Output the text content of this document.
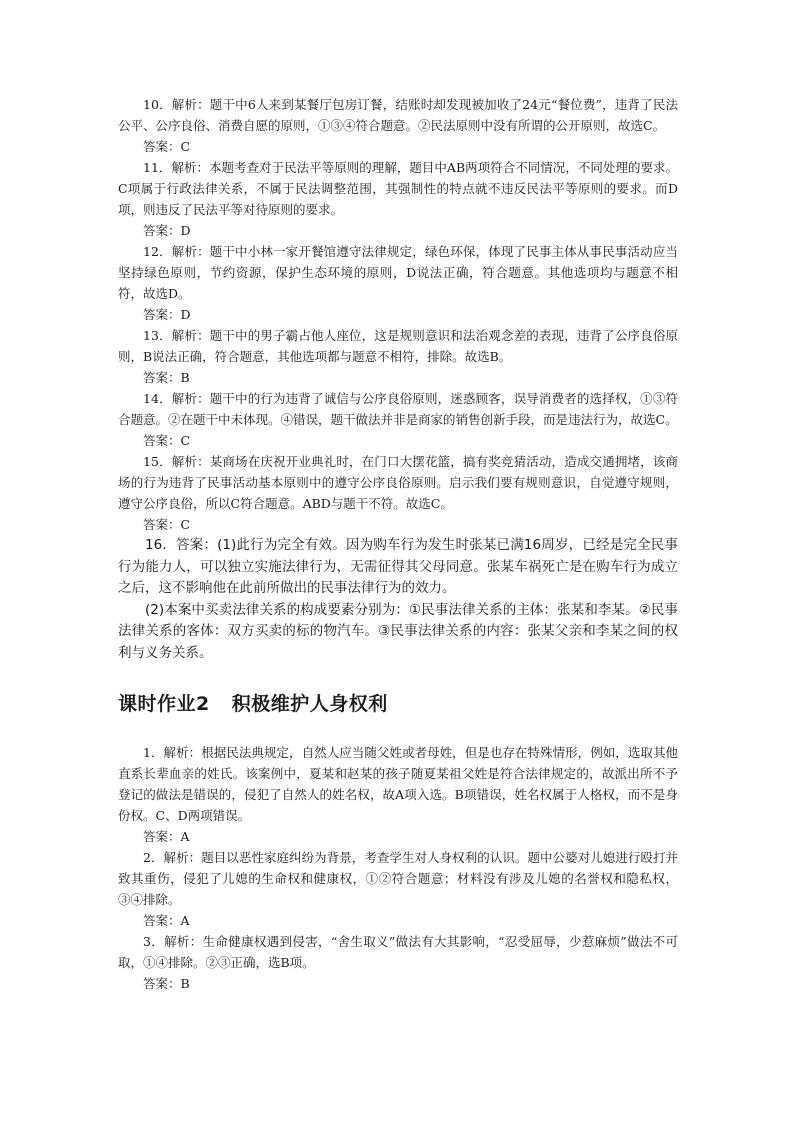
10．解析：题干中6人来到某餐厅包房订餐，结账时却发现被加收了24元“餐位费”，违背了民法公平、公序良俗、消费自愿的原则，①③④符合题意。②民法原则中没有所谓的公开原则，故选C。

答案：C

11．解析：本题考查对于民法平等原则的理解，题目中AB两项符合不同情况，不同处理的要求。C项属于行政法律关系，不属于民法调整范围，其强制性的特点就不违反民法平等原则的要求。而D项，则违反了民法平等对待原则的要求。

答案：D

12．解析：题干中小林一家开餐馆遵守法律规定，绿色环保，体现了民事主体从事民事活动应当坚持绿色原则，节约资源，保护生态环境的原则，D说法正确，符合题意。其他选项均与题意不相符，故选D。

答案：D

13．解析：题干中的男子霸占他人座位，这是规则意识和法治观念差的表现，违背了公序良俗原则，B说法正确，符合题意，其他选项都与题意不相符，排除。故选B。

答案：B

14．解析：题干中的行为违背了诚信与公序良俗原则，迷惑顾客，误导消费者的选择权，①③符合题意。②在题干中未体现。④错误，题干做法并非是商家的销售创新手段，而是违法行为，故选C。

答案：C

15．解析：某商场在庆祝开业典礼时，在门口大摆花篮，搞有奖竞猜活动，造成交通拥堵，该商场的行为违背了民事活动基本原则中的遵守公序良俗原则。启示我们要有规则意识，自觉遵守规则，遵守公序良俗，所以C符合题意。ABD与题干不符。故选C。

答案：C

16．答案：(1)此行为完全有效。因为购车行为发生时张某已满16周岁，已经是完全民事行为能力人，可以独立实施法律行为，无需征得其父母同意。张某车祸死亡是在购车行为成立之后，这不影响他在此前所做出的民事法律行为的效力。

(2)本案中买卖法律关系的构成要素分别为：①民事法律关系的主体：张某和李某。②民事法律关系的客体：双方买卖的标的物汽车。③民事法律关系的内容：张某父亲和李某之间的权利与义务关系。

课时作业2 积极维护人身权利

1．解析：根据民法典规定，自然人应当随父姓或者母姓，但是也存在特殊情形，例如，选取其他直系长辈血亲的姓氏。该案例中，夏某和赵某的孩子随夏某祖父姓是符合法律规定的，故派出所不予登记的做法是错误的，侵犯了自然人的姓名权，故A项入选。B项错误，姓名权属于人格权，而不是身份权。C、D两项错误。

答案：A

2．解析：题目以恶性家庭纠纷为背景，考查学生对人身权利的认识。题中公婆对儿媳进行殴打并致其重伤，侵犯了儿媳的生命权和健康权，①②符合题意；材料没有涉及儿媳的名誉权和隐私权，③④排除。

答案：A

3．解析：生命健康权遇到侵害，“舍生取义”做法有大其影响，“忍受屈辱，少惹麻烦”做法不可取，①④排除。②③正确，选B项。

答案：B
